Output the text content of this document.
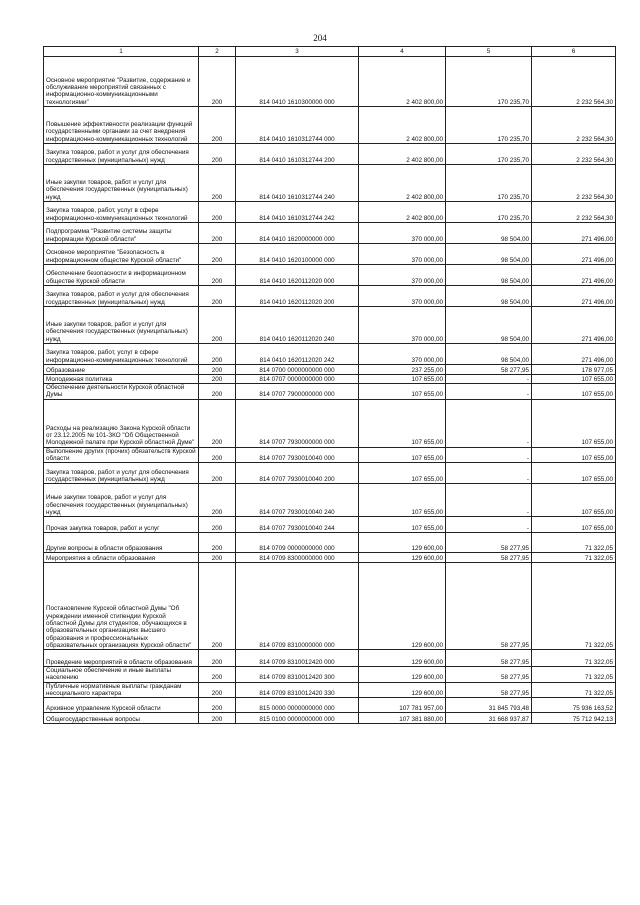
204
1	2	3	4	5	6
Основное мероприятие "Развитие, содержание и обслуживание мероприятий связанных с информационно-коммуникационными технологиями"	200	814 0410 1610300000 000	2 402 800,00	170 235,70	2 232 564,30
Повышение эффективности реализации функций государственными органами за счет внедрения информационно-коммуникационных технологий	200	814 0410 1610312744 000	2 402 800,00	170 235,70	2 232 564,30
Закупка товаров, работ и услуг для обеспечения государственных (муниципальных) нужд	200	814 0410 1610312744 200	2 402 800,00	170 235,70	2 232 564,30
Иные закупки товаров, работ и услуг для обеспечения государственных (муниципальных) нужд	200	814 0410 1610312744 240	2 402 800,00	170 235,70	2 232 564,30
Закупка товаров, работ, услуг в сфере информационно-коммуникационных технологий	200	814 0410 1610312744 242	2 402 800,00	170 235,70	2 232 564,30
Подпрограмма "Развитие системы защиты информации Курской области"	200	814 0410 1620000000 000	370 000,00	98 504,00	271 496,00
Основное мероприятие "Безопасность в информационном обществе Курской области"	200	814 0410 1620100000 000	370 000,00	98 504,00	271 496,00
Обеспечение безопасности в информационном обществе Курской области	200	814 0410 1620112020 000	370 000,00	98 504,00	271 496,00
Закупка товаров, работ и услуг для обеспечения государственных (муниципальных) нужд	200	814 0410 1620112020 200	370 000,00	98 504,00	271 496,00
Иные закупки товаров, работ и услуг для обеспечения государственных (муниципальных) нужд	200	814 0410 1620112020 240	370 000,00	98 504,00	271 496,00
Закупка товаров, работ, услуг в сфере информационно-коммуникационных технологий	200	814 0410 1620112020 242	370 000,00	98 504,00	271 496,00
Образование	200	814 0700 0000000000 000	237 255,00	58 277,95	178 977,05
Молодежная политика	200	814 0707 0000000000 000	107 655,00	-	107 655,00
Обеспечение деятельности Курской областной Думы	200	814 0707 7900000000 000	107 655,00	-	107 655,00
Расходы на реализацию Закона Курской области от 23.12.2005 № 101-ЗКО "Об Общественной Молодежной палате при Курской областной Думе"	200	814 0707 7930000000 000	107 655,00	-	107 655,00
Выполнение других (прочих) обязательств Курской области	200	814 0707 7930010040 000	107 655,00	-	107 655,00
Закупка товаров, работ и услуг для обеспечения государственных (муниципальных) нужд	200	814 0707 7930010040 200	107 655,00	-	107 655,00
Иные закупки товаров, работ и услуг для обеспечения государственных (муниципальных) нужд	200	814 0707 7930010040 240	107 655,00	-	107 655,00
Прочая закупка товаров, работ и услуг	200	814 0707 7930010040 244	107 655,00	-	107 655,00
Другие вопросы в области образования	200	814 0709 0000000000 000	129 600,00	58 277,95	71 322,05
Мероприятия в области образования	200	814 0709 8300000000 000	129 600,00	58 277,95	71 322,05
Постановление Курской областной Думы "Об учреждении именной стипендии Курской областной Думы для студентов, обучающихся в образовательных организациях высшего образования и профессиональных образовательных организациях Курской области"	200	814 0709 8310000000 000	129 600,00	58 277,95	71 322,05
Проведение мероприятий в области образования	200	814 0709 8310012420 000	129 600,00	58 277,95	71 322,05
Социальное обеспечение и иные выплаты населению	200	814 0709 8310012420 300	129 600,00	58 277,95	71 322,05
Публичные нормативные выплаты гражданам несоциального характера	200	814 0709 8310012420 330	129 600,00	58 277,95	71 322,05
Архивное управление Курской области	200	815 0000 0000000000 000	107 781 957,00	31 845 793,48	75 936 163,52
Общегосударственные вопросы	200	815 0100 0000000000 000	107 381 880,00	31 668 937,87	75 712 942,13
